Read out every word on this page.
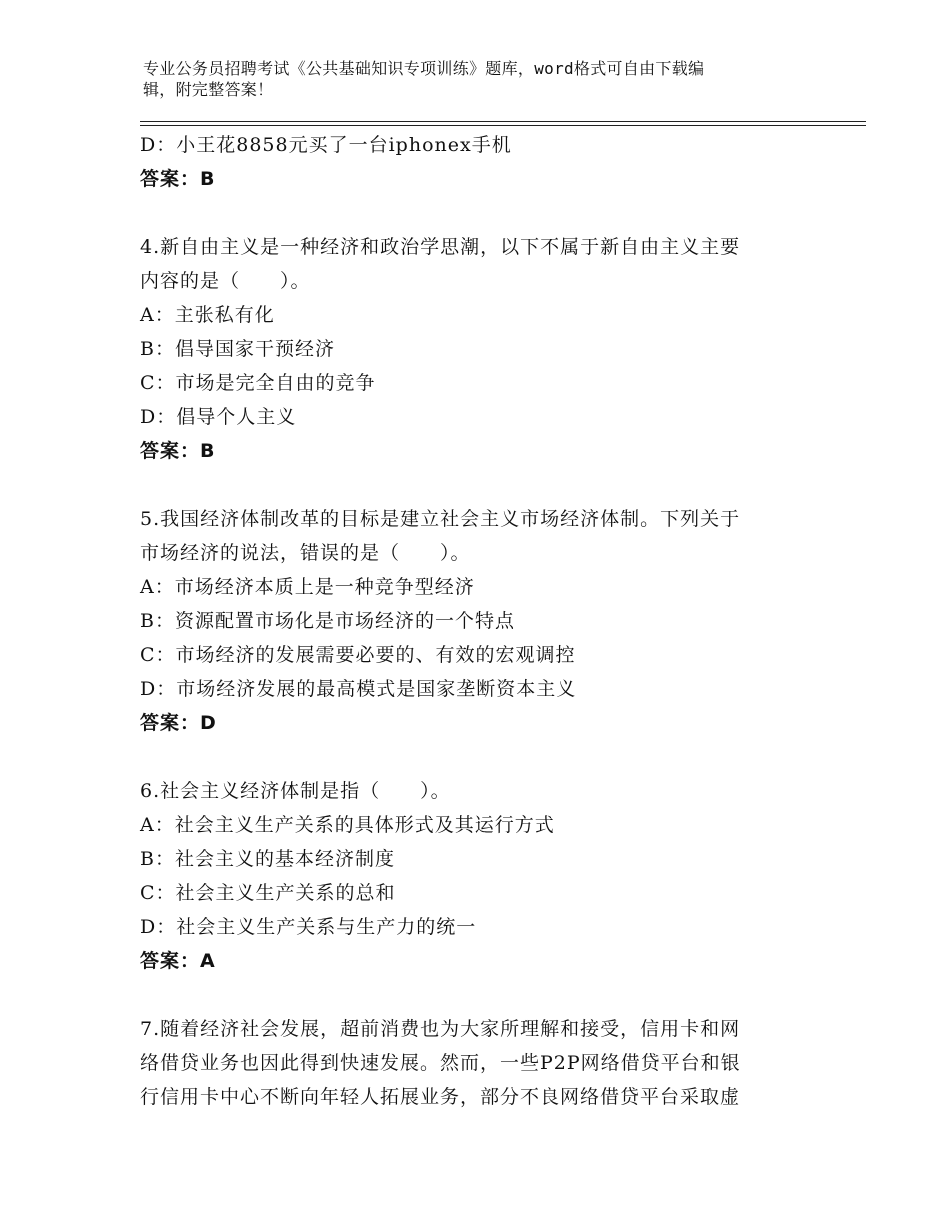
专业公务员招聘考试《公共基础知识专项训练》题库，word格式可自由下载编
辑，附完整答案！
D：小王花8858元买了一台iphonex手机
答案：B
4.新自由主义是一种经济和政治学思潮，以下不属于新自由主义主要
内容的是（　　）。
A：主张私有化
B：倡导国家干预经济
C：市场是完全自由的竞争
D：倡导个人主义
答案：B
5.我国经济体制改革的目标是建立社会主义市场经济体制。下列关于
市场经济的说法，错误的是（　　）。
A：市场经济本质上是一种竞争型经济
B：资源配置市场化是市场经济的一个特点
C：市场经济的发展需要必要的、有效的宏观调控
D：市场经济发展的最高模式是国家垄断资本主义
答案：D
6.社会主义经济体制是指（　　）。
A：社会主义生产关系的具体形式及其运行方式
B：社会主义的基本经济制度
C：社会主义生产关系的总和
D：社会主义生产关系与生产力的统一
答案：A
7.随着经济社会发展，超前消费也为大家所理解和接受，信用卡和网
络借贷业务也因此得到快速发展。然而，一些P2P网络借贷平台和银
行信用卡中心不断向年轻人拓展业务，部分不良网络借贷平台采取虚
